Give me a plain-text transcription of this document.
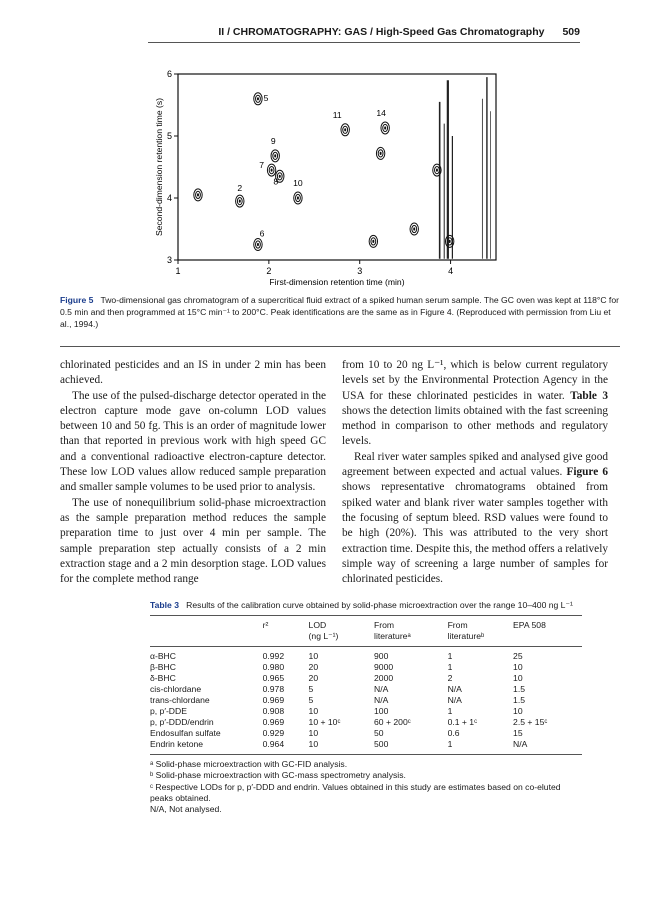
II / CHROMATOGRAPHY: GAS / High-Speed Gas Chromatography	509
1	2	3	4
3
4
5
6
First-dimension retention time (min)
Second-dimension retention time (s)
5
11	14
9
7
8
2
10
6
Figure 5 Two-dimensional gas chromatogram of a supercritical fluid extract of a spiked human serum sample. The GC oven was kept at 118°C for 0.5 min and then programmed at 15°C min⁻¹ to 200°C. Peak identifications are the same as in Figure 4. (Reproduced with permission from Liu et al., 1994.)

chlorinated pesticides and an IS in under 2 min has been achieved.

The use of the pulsed-discharge detector operated in the electron capture mode gave on-column LOD values between 10 and 50 fg. This is an order of magnitude lower than that reported in previous work with high speed GC and a conventional radioactive electron-capture detector. These low LOD values allow reduced sample preparation and smaller sample volumes to be used prior to analysis.

The use of nonequilibrium solid-phase microextraction as the sample preparation method reduces the sample preparation time to just over 4 min per sample. The sample preparation step actually consists of a 2 min extraction stage and a 2 min desorption stage. LOD values for the complete method range

from 10 to 20 ng L⁻¹, which is below current regulatory levels set by the Environmental Protection Agency in the USA for these chlorinated pesticides in water. Table 3 shows the detection limits obtained with the fast screening method in comparison to other methods and regulatory levels.

Real river water samples spiked and analysed give good agreement between expected and actual values. Figure 6 shows representative chromatograms obtained from spiked water and blank river water samples together with the focusing of septum bleed. RSD values were found to be high (20%). This was attributed to the very short extraction time. Despite this, the method offers a relatively simple way of screening a large number of samples for chlorinated pesticides.

Table 3 Results of the calibration curve obtained by solid-phase microextraction over the range 10–400 ng L⁻¹
	r²	LOD	From	From	EPA 508
		(ng L⁻¹)	literatureᵃ	literatureᵇ	
α-BHC	0.992	10	900	1	25
β-BHC	0.980	20	9000	1	10
δ-BHC	0.965	20	2000	2	10
cis-chlordane	0.978	5	N/A	N/A	1.5
trans-chlordane	0.969	5	N/A	N/A	1.5
p, p′-DDE	0.908	10	100	1	10
p, p′-DDD/endrin	0.969	10 + 10ᶜ	60 + 200ᶜ	0.1 + 1ᶜ	2.5 + 15ᶜ
Endosulfan sulfate	0.929	10	50	0.6	15
Endrin ketone	0.964	10	500	1	N/A
ᵃ Solid-phase microextraction with GC-FID analysis.
ᵇ Solid-phase microextraction with GC-mass spectrometry analysis.
ᶜ Respective LODs for p, p′-DDD and endrin. Values obtained in this study are estimates based on co-eluted peaks obtained.
N/A, Not analysed.
